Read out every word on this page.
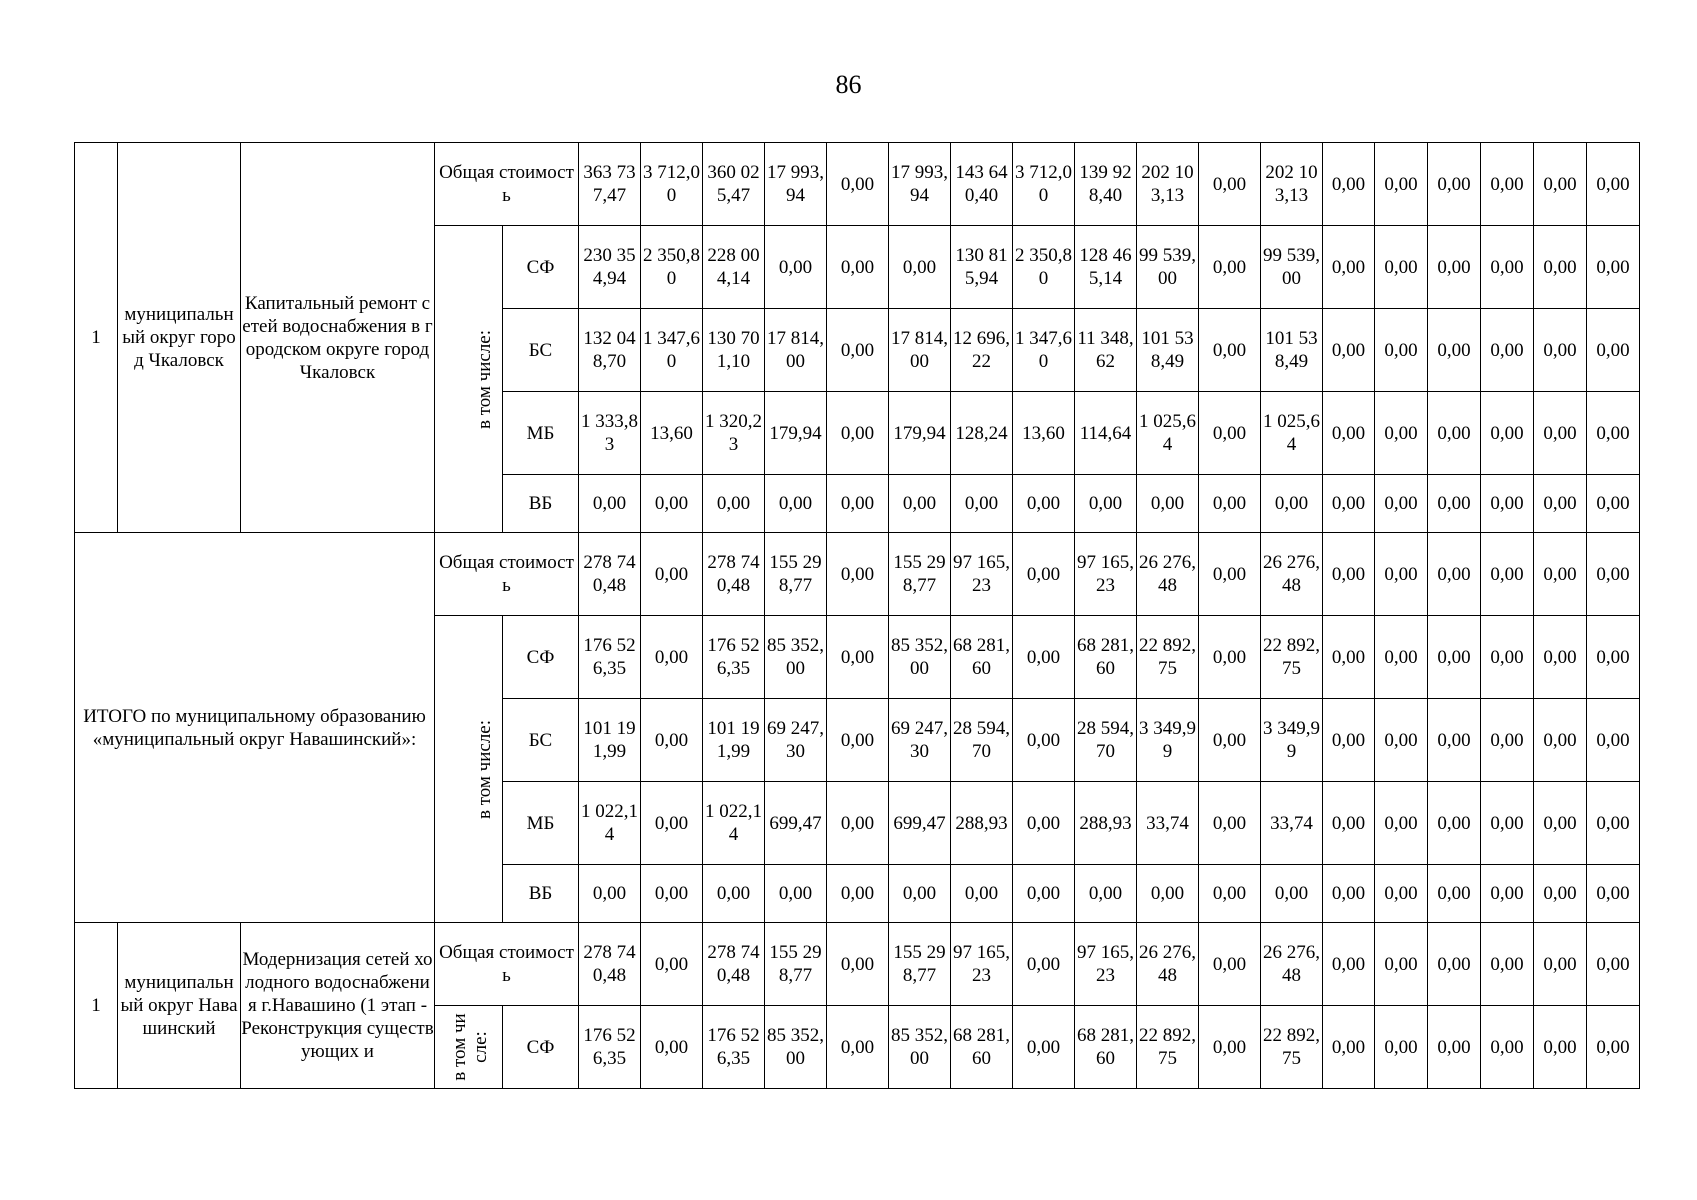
86
1	муниципальный округ город Чкаловск	Капитальный ремонт сетей водоснабжения в городском округе город Чкаловск	Общая стоимость		363 737,47	3 712,00	360 025,47	17 993,94	0,00	17 993,94	143 640,40	3 712,00	139 928,40	202 103,13	0,00	202 103,13	0,00	0,00	0,00	0,00	0,00	0,00
			в том числе:	СФ	230 354,94	2 350,80	228 004,14	0,00	0,00	0,00	130 815,94	2 350,80	128 465,14	99 539,00	0,00	99 539,00	0,00	0,00	0,00	0,00	0,00	0,00
				БС	132 048,70	1 347,60	130 701,10	17 814,00	0,00	17 814,00	12 696,22	1 347,60	11 348,62	101 538,49	0,00	101 538,49	0,00	0,00	0,00	0,00	0,00	0,00
				МБ	1 333,83	13,60	1 320,23	179,94	0,00	179,94	128,24	13,60	114,64	1 025,64	0,00	1 025,64	0,00	0,00	0,00	0,00	0,00	0,00
				ВБ	0,00	0,00	0,00	0,00	0,00	0,00	0,00	0,00	0,00	0,00	0,00	0,00	0,00	0,00	0,00	0,00	0,00	0,00
ИТОГО по муниципальному образованию «муниципальный округ Навашинский»:			Общая стоимость		278 740,48	0,00	278 740,48	155 298,77	0,00	155 298,77	97 165,23	0,00	97 165,23	26 276,48	0,00	26 276,48	0,00	0,00	0,00	0,00	0,00	0,00
			в том числе:	СФ	176 526,35	0,00	176 526,35	85 352,00	0,00	85 352,00	68 281,60	0,00	68 281,60	22 892,75	0,00	22 892,75	0,00	0,00	0,00	0,00	0,00	0,00
				БС	101 191,99	0,00	101 191,99	69 247,30	0,00	69 247,30	28 594,70	0,00	28 594,70	3 349,99	0,00	3 349,99	0,00	0,00	0,00	0,00	0,00	0,00
				МБ	1 022,14	0,00	1 022,14	699,47	0,00	699,47	288,93	0,00	288,93	33,74	0,00	33,74	0,00	0,00	0,00	0,00	0,00	0,00
				ВБ	0,00	0,00	0,00	0,00	0,00	0,00	0,00	0,00	0,00	0,00	0,00	0,00	0,00	0,00	0,00	0,00	0,00	0,00
1	муниципальный округ Навашинский	Модернизация сетей холодного водоснабжения г.Навашино (1 этап - Реконструкция существующих и	Общая стоимость		278 740,48	0,00	278 740,48	155 298,77	0,00	155 298,77	97 165,23	0,00	97 165,23	26 276,48	0,00	26 276,48	0,00	0,00	0,00	0,00	0,00	0,00
			в том числе:	СФ	176 526,35	0,00	176 526,35	85 352,00	0,00	85 352,00	68 281,60	0,00	68 281,60	22 892,75	0,00	22 892,75	0,00	0,00	0,00	0,00	0,00	0,00
